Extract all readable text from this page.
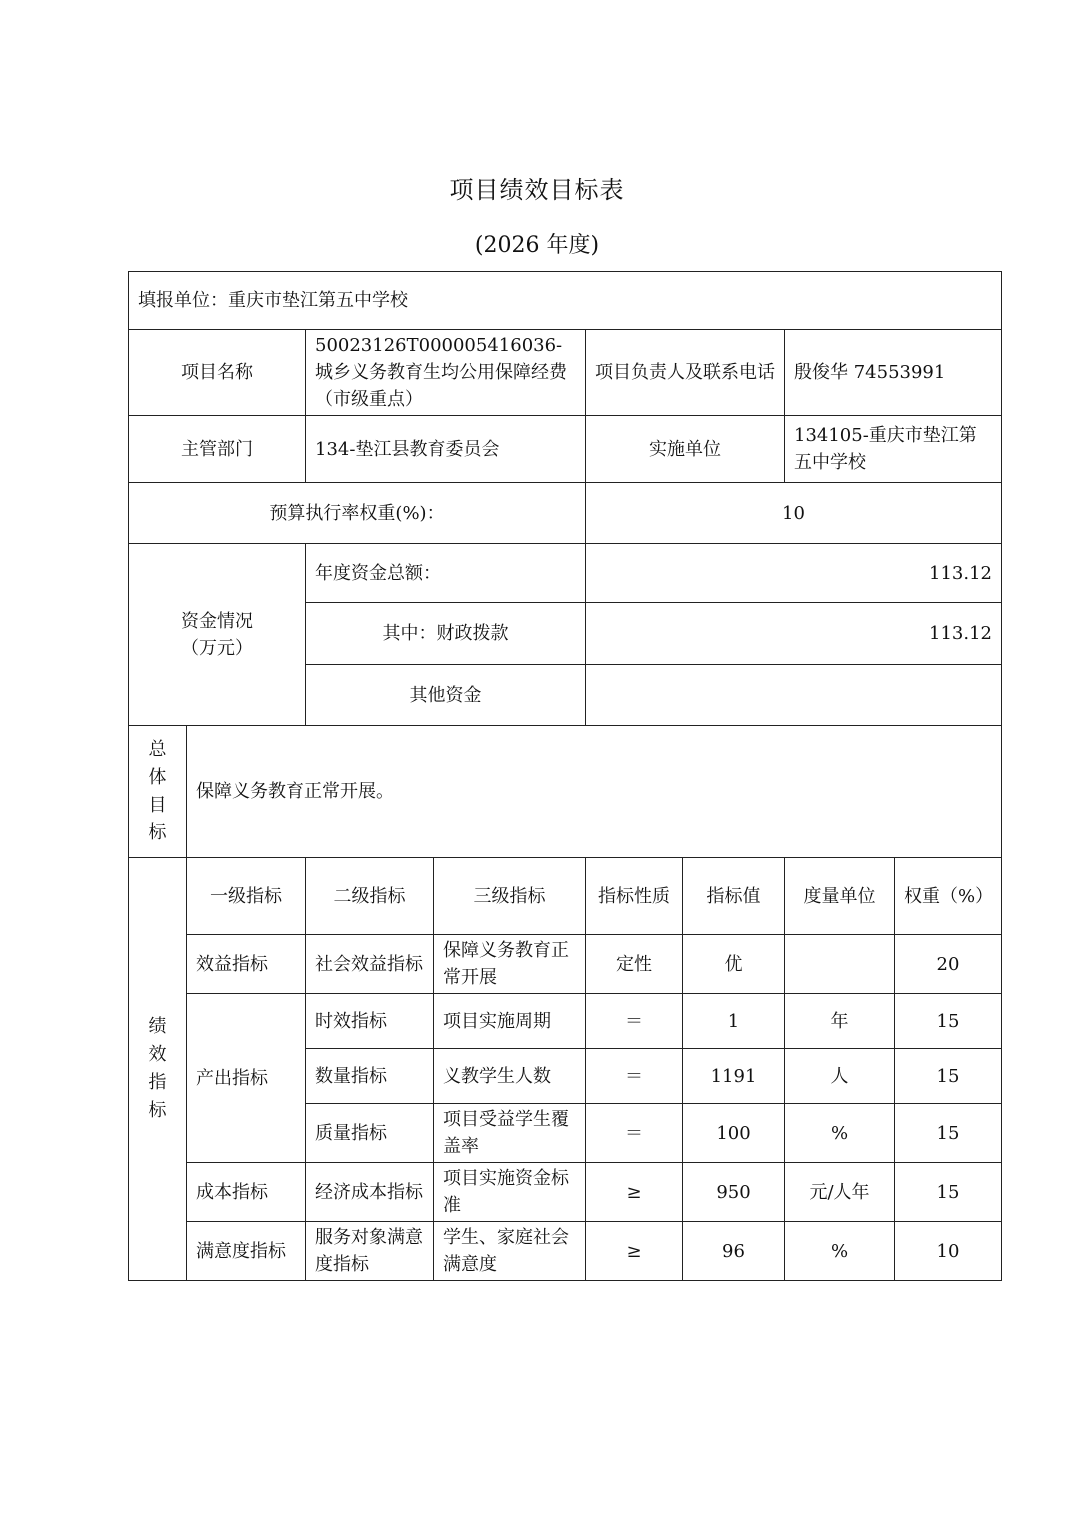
项目绩效目标表
(2026 年度)
填报单位：重庆市垫江第五中学校							
项目名称		50023126T000005416036-城乡义务教育生均公用保障经费（市级重点）		项目负责人及联系电话		殷俊华 74553991	
主管部门		134-垫江县教育委员会		实施单位		134105-重庆市垫江第五中学校	
预算执行率权重(%)：				10			

资金情况
（万元）		年度资金总额：		113.12			
		其中：财政拨款		113.12			
		其他资金					

总
体
目
标	保障义务教育正常开展。						

绩
效
指
标	一级指标	二级指标	三级指标	指标性质	指标值	度量单位	权重（%）
	效益指标	社会效益指标	保障义务教育正常开展	定性	优		20
	产出指标	时效指标	项目实施周期	＝	1	年	15
		数量指标	义教学生人数	＝	1191	人	15
		质量指标	项目受益学生覆盖率	＝	100	%	15
	成本指标	经济成本指标	项目实施资金标准	≥	950	元/人年	15
	满意度指标	服务对象满意度指标	学生、家庭社会满意度	≥	96	%	10
